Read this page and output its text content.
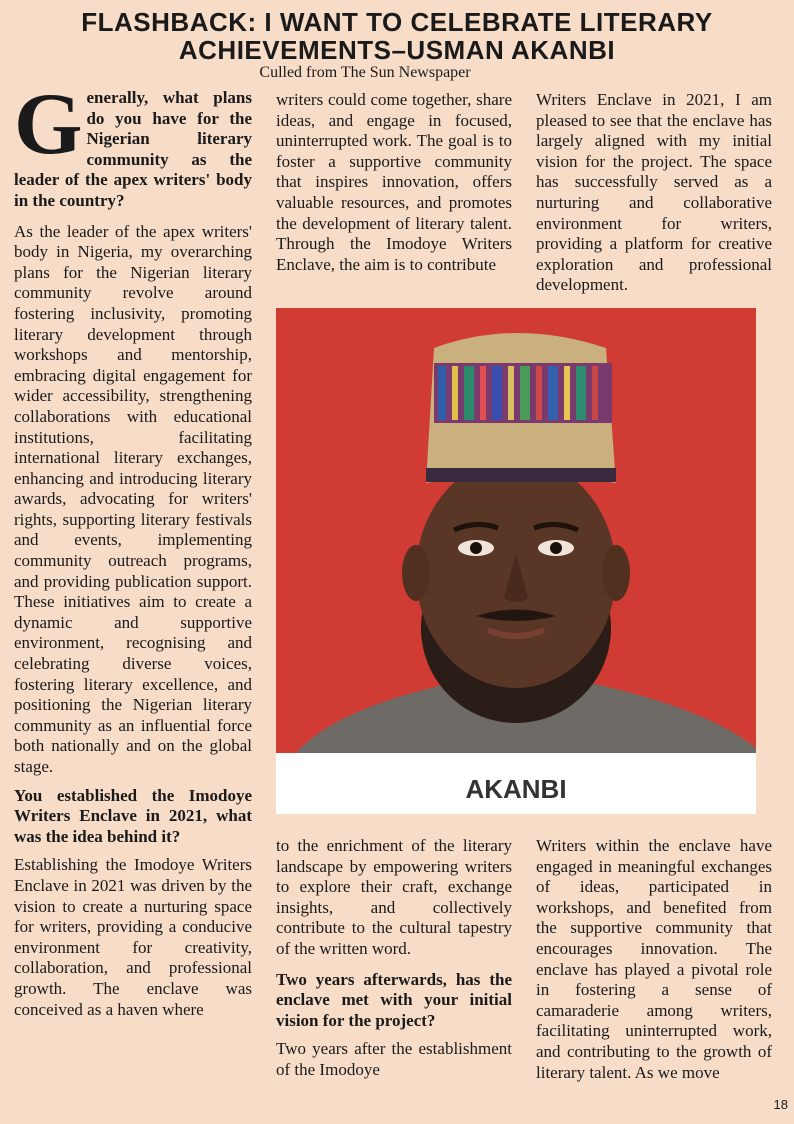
FLASHBACK: I WANT TO CELEBRATE LITERARY
ACHIEVEMENTS–USMAN AKANBI
Culled from The Sun Newspaper

Generally, what plans do you have for the Nigerian literary community as the leader of the apex writers' body in the country?

As the leader of the apex writers' body in Nigeria, my overarching plans for the Nigerian literary community revolve around fostering inclusivity, promoting literary development through workshops and mentorship, embracing digital engagement for wider accessibility, strengthening collaborations with educational institutions, facilitating international literary exchanges, enhancing and introducing literary awards, advocating for writers' rights, supporting literary festivals and events, implementing community outreach programs, and providing publication support. These initiatives aim to create a dynamic and supportive environment, recognising and celebrating diverse voices, fostering literary excellence, and positioning the Nigerian literary community as an influential force both nationally and on the global stage.

You established the Imodoye Writers Enclave in 2021, what was the idea behind it?

Establishing the Imodoye Writers Enclave in 2021 was driven by the vision to create a nurturing space for writers, providing a conducive environment for creativity, collaboration, and professional growth. The enclave was conceived as a haven where

writers could come together, share ideas, and engage in focused, uninterrupted work. The goal is to foster a supportive community that inspires innovation, offers valuable resources, and promotes the development of literary talent. Through the Imodoye Writers Enclave, the aim is to contribute

Writers Enclave in 2021, I am pleased to see that the enclave has largely aligned with my initial vision for the project. The space has successfully served as a nurturing and collaborative environment for writers, providing a platform for creative exploration and professional development.

AKANBI

to the enrichment of the literary landscape by empowering writers to explore their craft, exchange insights, and collectively contribute to the cultural tapestry of the written word.

Two years afterwards, has the enclave met with your initial vision for the project?

Two years after the establishment of the Imodoye

Writers within the enclave have engaged in meaningful exchanges of ideas, participated in workshops, and benefited from the supportive community that encourages innovation. The enclave has played a pivotal role in fostering a sense of camaraderie among writers, facilitating uninterrupted work, and contributing to the growth of literary talent. As we move

18
